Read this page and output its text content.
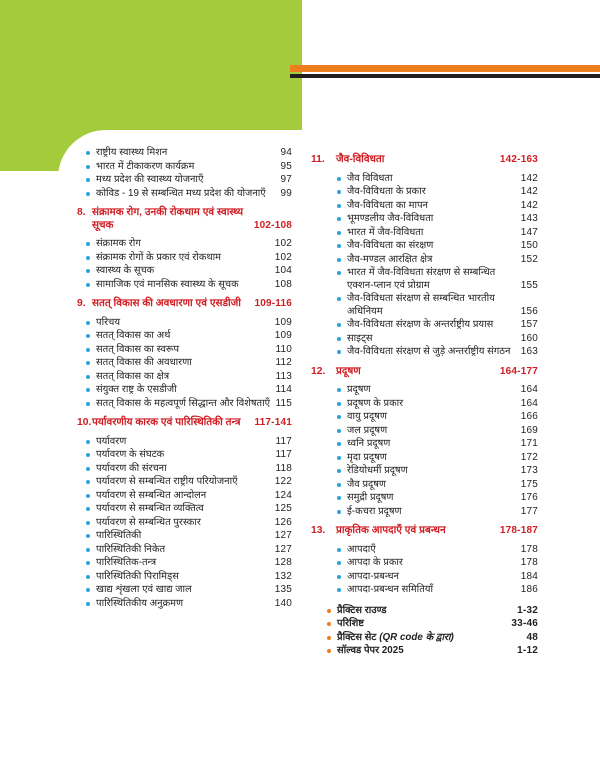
राष्ट्रीय स्वास्थ्य मिशन	94
भारत में टीकाकरण कार्यक्रम	95
मध्य प्रदेश की स्वास्थ्य योजनाएँ	97
कोविड - 19 से सम्बन्धित मध्य प्रदेश की योजनाएँ	99
8. संक्रामक रोग, उनकी रोकथाम एवं स्वास्थ्य सूचक	102-108
संक्रामक रोग	102
संक्रामक रोगों के प्रकार एवं रोकथाम	102
स्वास्थ्य के सूचक	104
सामाजिक एवं मानसिक स्वास्थ्य के सूचक	108
9. सतत् विकास की अवधारणा एवं एसडीजी	109-116
परिचय	109
सतत् विकास का अर्थ	109
सतत् विकास का स्वरूप	110
सतत् विकास की अवधारणा	112
सतत् विकास का क्षेत्र	113
संयुक्त राष्ट्र के एसडीजी	114
सतत् विकास के महत्वपूर्ण सिद्धान्त और विशेषताएँ 115
10. पर्यावरणीय कारक एवं पारिस्थितिकी तन्त्र	117-141
पर्यावरण	117
पर्यावरण के संघटक	117
पर्यावरण की संरचना	118
पर्यावरण से सम्बन्धित राष्ट्रीय परियोजनाएँ	122
पर्यावरण से सम्बन्धित आन्दोलन	124
पर्यावरण से सम्बन्धित व्यक्तित्व	125
पर्यावरण से सम्बन्धित पुरस्कार	126
पारिस्थितिकी	127
पारिस्थितिकी निकेत	127
पारिस्थितिक-तन्त्र	128
पारिस्थितिकी पिरामिड्स	132
खाद्य शृंखला एवं खाद्य जाल	135
पारिस्थितिकीय अनुक्रमण	140
11.	जैव-विविधता	142-163
जैव विविधता	142
जैव-विविधता के प्रकार	142
जैव-विविधता का मापन	142
भूमण्डलीय जैव-विविधता	143
भारत में जैव-विविधता	147
जैव-विविधता का संरक्षण	150
जैव-मण्डल आरक्षित क्षेत्र	152
भारत में जैव-विविधता संरक्षण से सम्बन्धित एक्शन-प्लान एवं प्रोग्राम	155
जैव-विविधता संरक्षण से सम्बन्धित भारतीय अधिनियम	156
जैव-विविधता संरक्षण के अन्तर्राष्ट्रीय प्रयास	157
साइट्स	160
जैव-विविधता संरक्षण से जुड़े अन्तर्राष्ट्रीय संगठन	163
12.	प्रदूषण	164-177
प्रदूषण	164
प्रदूषण के प्रकार	164
वायु प्रदूषण	166
जल प्रदूषण	169
ध्वनि प्रदूषण	171
मृदा प्रदूषण	172
रेडियोधर्मी प्रदूषण	173
जैव प्रदूषण	175
समुद्री प्रदूषण	176
ई-कचरा प्रदूषण	177
13.	प्राकृतिक आपदाएँ एवं प्रबन्धन	178-187
आपदाएँ	178
आपदा के प्रकार	178
आपदा-प्रबन्धन	184
आपदा-प्रबन्धन समितियाँ	186
प्रैक्टिस राउण्ड	1-32
परिशिष्ट	33-46
प्रैक्टिस सेट (QR code के द्वारा)	48
सॉल्वड पेपर 2025	1-12
